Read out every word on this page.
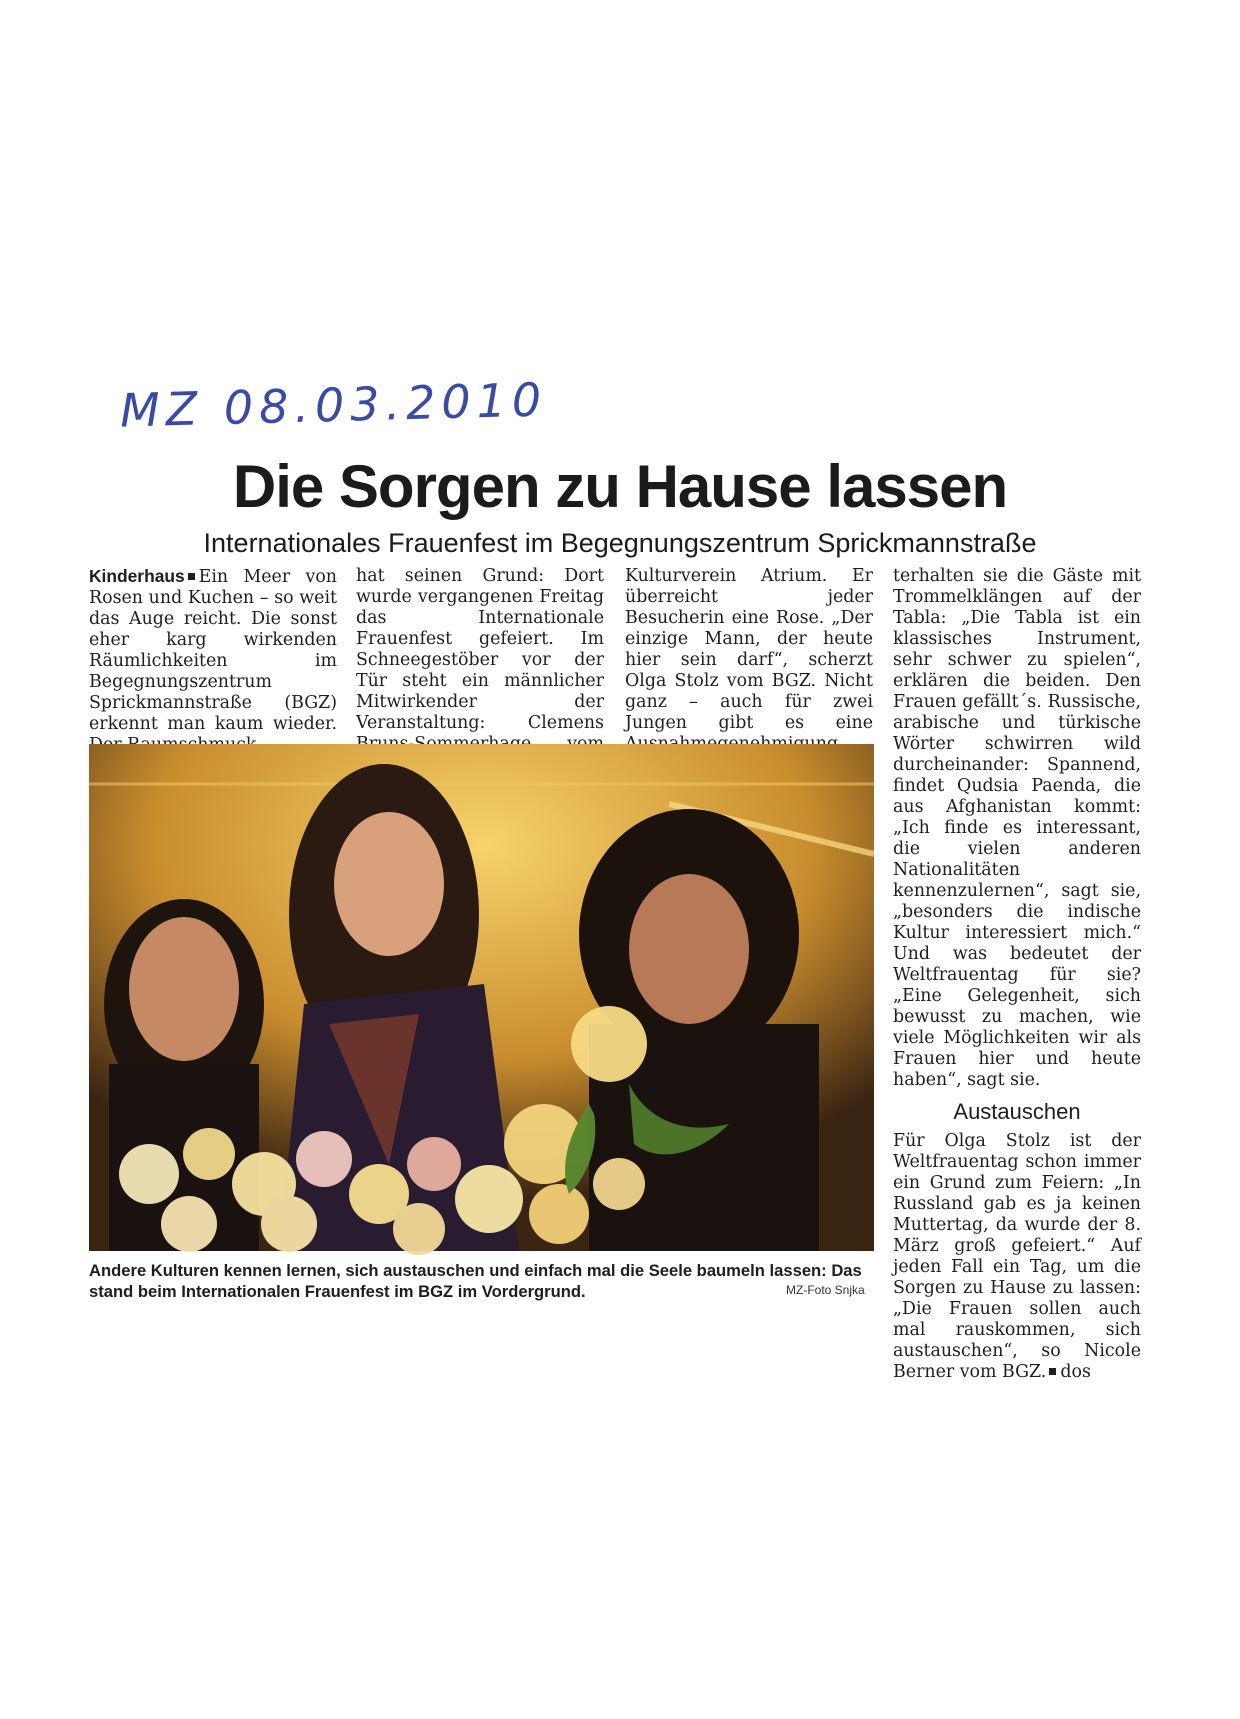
MZ 08.03.2010
Die Sorgen zu Hause lassen
Internationales Frauenfest im Begegnungszentrum Sprickmannstraße
Kinderhaus Ein Meer von Rosen und Kuchen – so weit das Auge reicht. Die sonst eher karg wirkenden Räumlichkeiten im Begegnungszentrum Sprickmannstraße (BGZ) erkennt man kaum wieder.
hat seinen Grund: Dort wurde vergangenen Freitag das Internationale Frauenfest gefeiert. Im Schneegestöber vor der Tür steht ein männlicher Mitwirkender der Veranstaltung: Clemens
Kulturverein Atrium. Er überreicht jeder Besucherin eine Rose. „Der einzige Mann, der heute hier sein darf“, scherzt Olga Stolz vom BGZ. Nicht ganz – auch für zwei Jungen gibt es eine
terhalten sie die Gäste mit Trommelklängen auf der Tabla: „Die Tabla ist ein klassisches Instrument, sehr schwer zu spielen“, erklären die beiden. Den Frauen gefällt´s. Russische, arabische und türkische Wörter schwirren wild durcheinander: Spannend, findet Qudsia Paenda, die aus Afghanistan kommt: „Ich finde es interessant, die vielen anderen Nationalitäten kennenzulernen“, sagt sie, „besonders die indische Kultur interessiert mich.“ Und was bedeutet der Weltfrauentag für sie? „Eine Gelegenheit, sich bewusst zu machen, wie viele Möglichkeiten wir als Frauen hier und heute haben“, sagt sie.
Austauschen
Für Olga Stolz ist der Weltfrauentag schon immer ein Grund zum Feiern: „In Russland gab es ja keinen Muttertag, da wurde der 8. März groß gefeiert.“ Auf jeden Fall ein Tag, um die Sorgen zu Hause zu lassen: „Die Frauen sollen auch mal rauskommen, sich austauschen“, so Nicole Berner vom BGZ. dos
Andere Kulturen kennen lernen, sich austauschen und einfach mal die Seele baumeln lassen: Das stand beim Internationalen Frauenfest im BGZ im Vordergrund.	MZ-Foto Snjka
